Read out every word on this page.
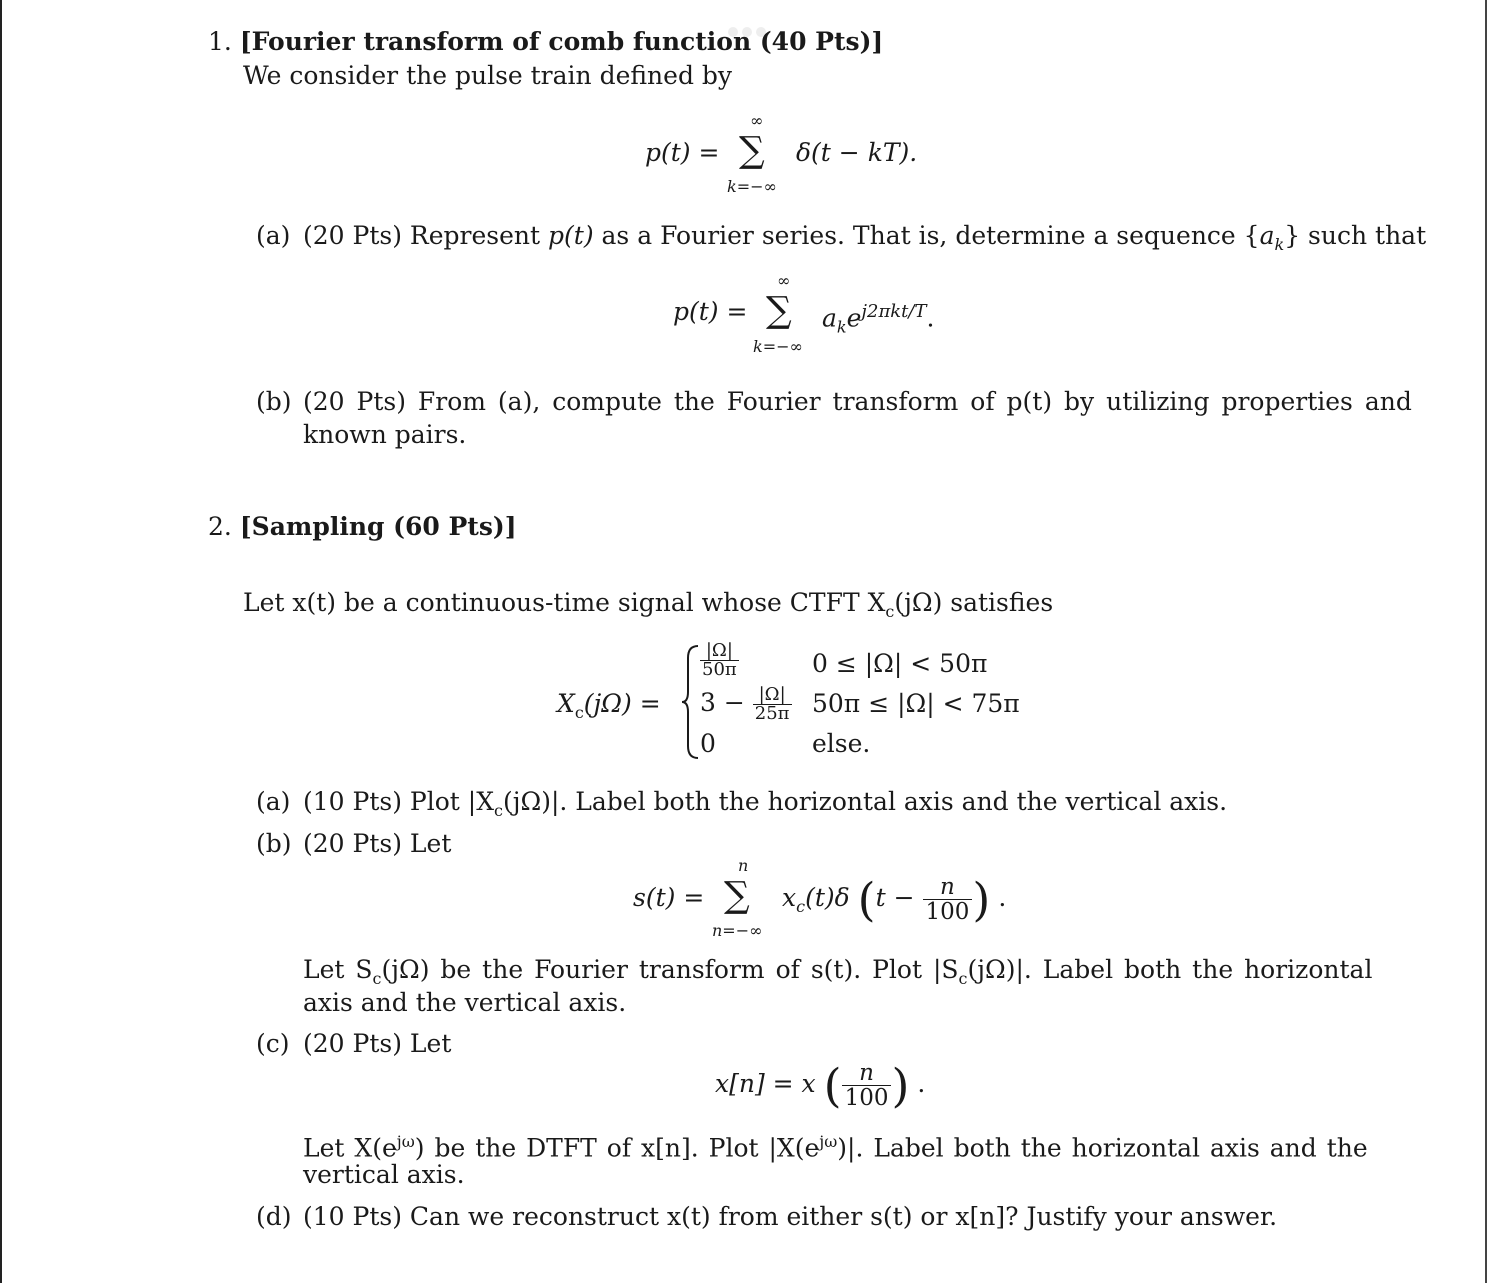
1. [Fourier transform of comb function (40 Pts)]
We consider the pulse train defined by
p(t) =
∞
∑
k=−∞
δ(t − kT).
(a) (20 Pts) Represent p(t) as a Fourier series. That is, determine a sequence $\{a_k\}$ such that
p(t) =
∞
∑
k=−∞
$a_ke^{j2\pi kt/T}$.
(b) (20 Pts) From (a), compute the Fourier transform of p(t) by utilizing properties and
known pairs.
2. [Sampling (60 Pts)]
Let x(t) be a continuous-time signal whose CTFT $X_c(j\Omega)$ satisfies
$X_c(j\Omega)$ =
$\frac{|\Omega|}{50\pi}$	0 ≤ |Ω| < 50π
$3 - \frac{|\Omega|}{25\pi} 50\pi \le |\Omega| < 75\pi$
0	else.
(a) (10 Pts) Plot $|X_c(j\Omega)|$. Label both the horizontal axis and the vertical axis.
(b) (20 Pts) Let
s(t) =
n
∑
n=−∞
$x_c(t)\delta$ ($t - \frac{n}{100}$ ) .
Let $S_c(j\Omega)$ be the Fourier transform of s(t). Plot $|S_c(j\Omega)|$. Label both the horizontal
axis and the vertical axis.
(c) (20 Pts) Let
x[n] = x ( $\frac{n}{100}$ ) .
Let $X(e^{j\omega})$ be the DTFT of x[n]. Plot $|X(e^{j\omega})|$. Label both the horizontal axis and the
vertical axis.
(d) (10 Pts) Can we reconstruct x(t) from either s(t) or x[n]? Justify your answer.
